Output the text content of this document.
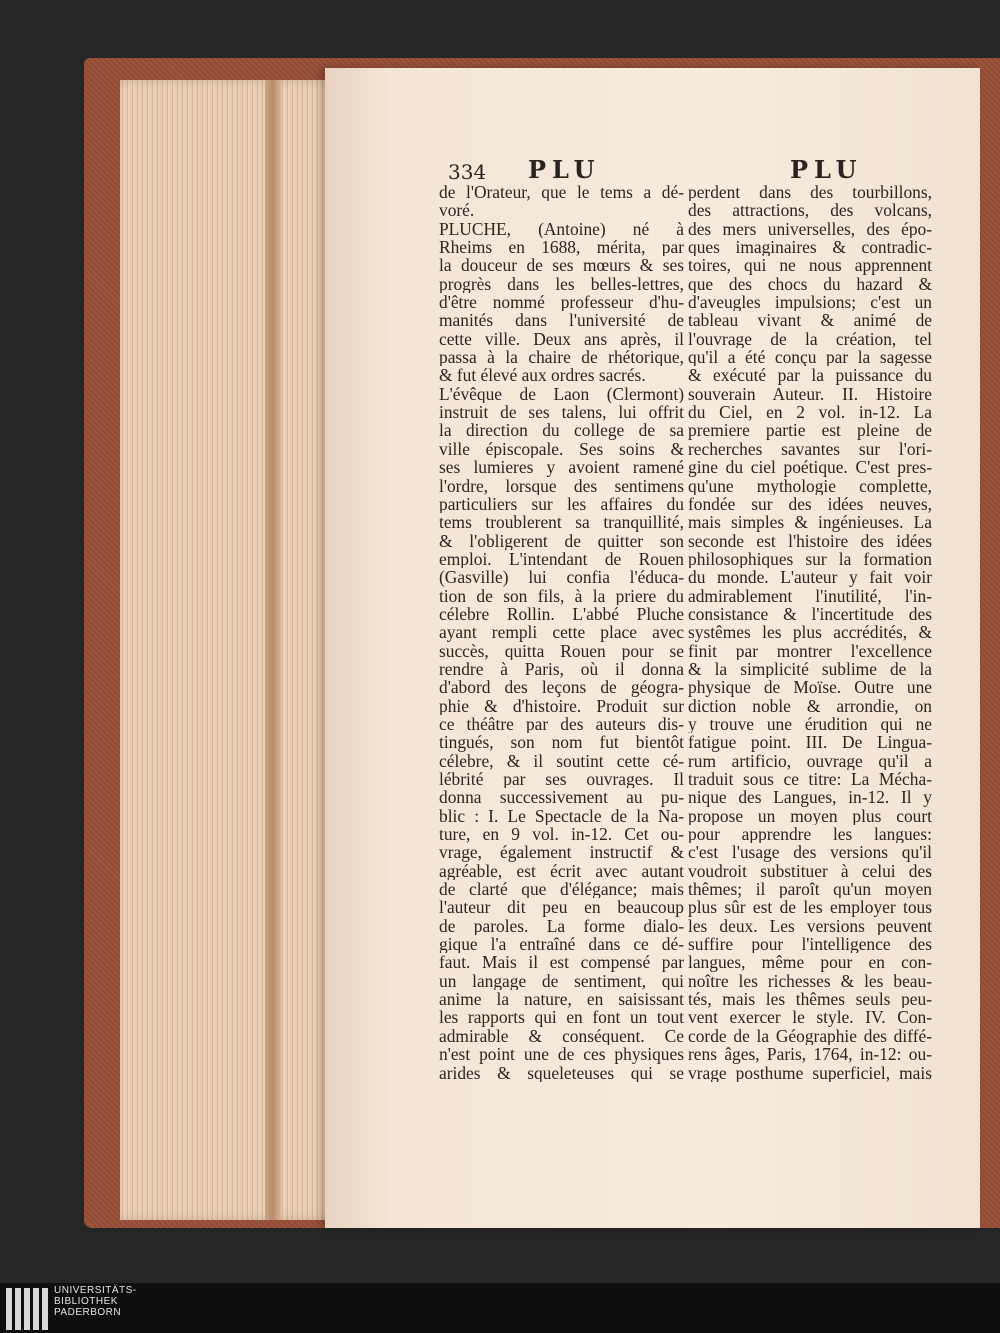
334 PLU	PLU
de l'Orateur, que le tems a dé-
voré.
PLUCHE, (Antoine) né à
Rheims en 1688, mérita, par
la douceur de ses mœurs & ses
progrès dans les belles-lettres,
d'être nommé professeur d'hu-
manités dans l'université de
cette ville. Deux ans après, il
passa à la chaire de rhétorique,
& fut élevé aux ordres sacrés.
L'évêque de Laon (Clermont)
instruit de ses talens, lui offrit
la direction du college de sa
ville épiscopale. Ses soins &
ses lumieres y avoient ramené
l'ordre, lorsque des sentimens
particuliers sur les affaires du
tems troublerent sa tranquillité,
& l'obligerent de quitter son
emploi. L'intendant de Rouen
(Gasville) lui confia l'éduca-
tion de son fils, à la priere du
célebre Rollin. L'abbé Pluche
ayant rempli cette place avec
succès, quitta Rouen pour se
rendre à Paris, où il donna
d'abord des leçons de géogra-
phie & d'histoire. Produit sur
ce théâtre par des auteurs dis-
tingués, son nom fut bientôt
célebre, & il soutint cette cé-
lébrité par ses ouvrages. Il
donna successivement au pu-
blic : I. Le Spectacle de la Na-
ture, en 9 vol. in-12. Cet ou-
vrage, également instructif &
agréable, est écrit avec autant
de clarté que d'élégance; mais
l'auteur dit peu en beaucoup
de paroles. La forme dialo-
gique l'a entraîné dans ce dé-
faut. Mais il est compensé par
un langage de sentiment, qui
anime la nature, en saisissant
les rapports qui en font un tout
admirable & conséquent. Ce
n'est point une de ces physiques
arides & squeleteuses qui se
perdent dans des tourbillons,
des attractions, des volcans,
des mers universelles, des épo-
ques imaginaires & contradic-
toires, qui ne nous apprennent
que des chocs du hazard &
d'aveugles impulsions; c'est un
tableau vivant & animé de
l'ouvrage de la création, tel
qu'il a été conçu par la sagesse
& exécuté par la puissance du
souverain Auteur. II. Histoire
du Ciel, en 2 vol. in-12. La
premiere partie est pleine de
recherches savantes sur l'ori-
gine du ciel poétique. C'est pres-
qu'une mythologie complette,
fondée sur des idées neuves,
mais simples & ingénieuses. La
seconde est l'histoire des idées
philosophiques sur la formation
du monde. L'auteur y fait voir
admirablement l'inutilité, l'in-
consistance & l'incertitude des
systêmes les plus accrédités, &
finit par montrer l'excellence
& la simplicité sublime de la
physique de Moïse. Outre une
diction noble & arrondie, on
y trouve une érudition qui ne
fatigue point. III. De Lingua-
rum artificio, ouvrage qu'il a
traduit sous ce titre: La Mécha-
nique des Langues, in-12. Il y
propose un moyen plus court
pour apprendre les langues:
c'est l'usage des versions qu'il
voudroit substituer à celui des
thêmes; il paroît qu'un moyen
plus sûr est de les employer tous
les deux. Les versions peuvent
suffire pour l'intelligence des
langues, même pour en con-
noître les richesses & les beau-
tés, mais les thêmes seuls peu-
vent exercer le style. IV. Con-
corde de la Géographie des diffé-
rens âges, Paris, 1764, in-12: ou-
vrage posthume superficiel, mais
UNIVERSITÄTS-
BIBLIOTHEK
PADERBORN
